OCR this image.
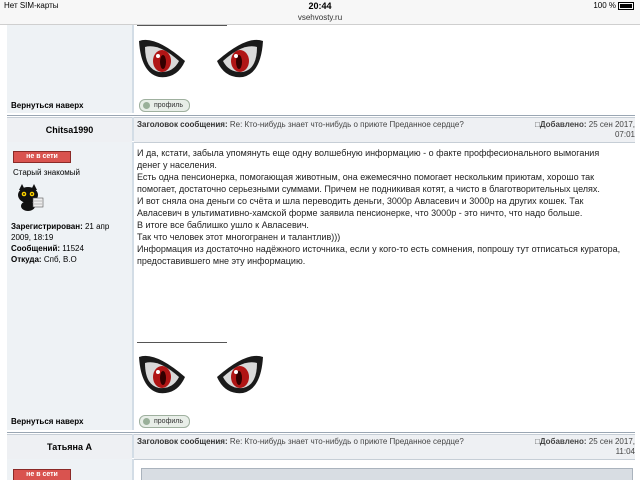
Нет SIM-карты	20:44	100 %
vsehvosty.ru
Вернуться наверх	профиль
Chitsa1990
Заголовок сообщения: Re: Кто-нибудь знает что-нибудь о приюте Преданное сердце?	□Добавлено: 25 сен 2017,
07:01
не в сети
Старый знакомый
Зарегистрирован: 21 апр 2009, 18:19
Сообщений: 11524
Откуда: Спб, В.О

И да, кстати, забыла упомянуть еще одну волшебную информацию - о факте проффесионального вымогания денег у населения.

Есть одна пенсионерка, помогающая животным, она ежемесячно помогает нескольким приютам, хорошо так помогает, достаточно серьезными суммами. Причем не подникивая котят, а чисто в благотворительных целях.

И вот сняла она деньги со счёта и шла переводить деньги, 3000р Авласевич и 3000р на других кошек. Так Авласевич в ультимативно-хамской форме заявила пенсионерке, что 3000р - это ничто, что надо больше.

В итоге все баблишко ушло к Авласевич.

Так что человек этот многогранен и талантлив)))

Информация из достаточно надёжного источника, если у кого-то есть сомнения, попрошу тут отписаться куратора, предоставившего мне эту информацию.

Вернуться наверх	профиль
Татьяна А
Заголовок сообщения: Re: Кто-нибудь знает что-нибудь о приюте Преданное сердце?	□Добавлено: 25 сен 2017,
11:04
не в сети
